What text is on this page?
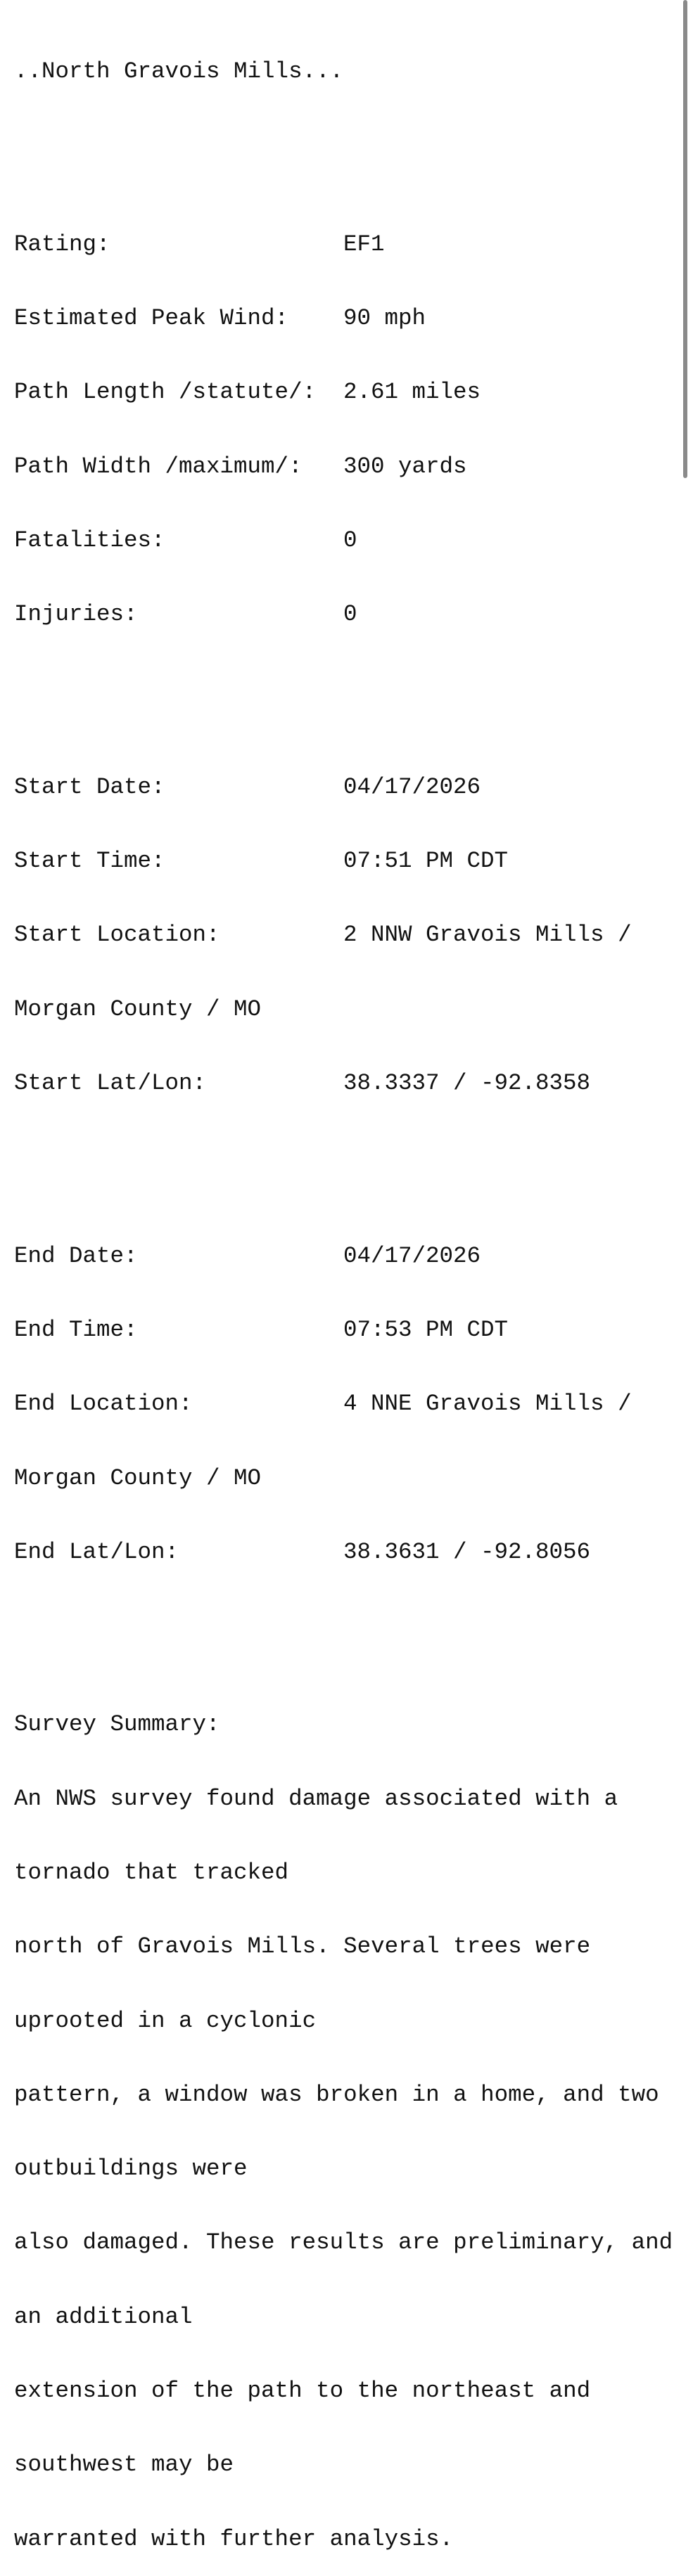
..North Gravois Mills...

Rating:	EF1

Estimated Peak Wind: 90 mph

Path Length /statute/: 2.61 miles

Path Width /maximum/: 300 yards

Fatalities:	0

Injuries:	0

Start Date:	04/17/2026

Start Time:	07:51 PM CDT

Start Location:	2 NNW Gravois Mills /

Morgan County / MO

Start Lat/Lon:	38.3337 / -92.8358

End Date:	04/17/2026

End Time:	07:53 PM CDT

End Location:	4 NNE Gravois Mills /

Morgan County / MO

End Lat/Lon:	38.3631 / -92.8056

Survey Summary:

An NWS survey found damage associated with a

tornado that tracked

north of Gravois Mills. Several trees were

uprooted in a cyclonic

pattern, a window was broken in a home, and two

outbuildings were

also damaged. These results are preliminary, and

an additional

extension of the path to the northeast and

southwest may be

warranted with further analysis.
